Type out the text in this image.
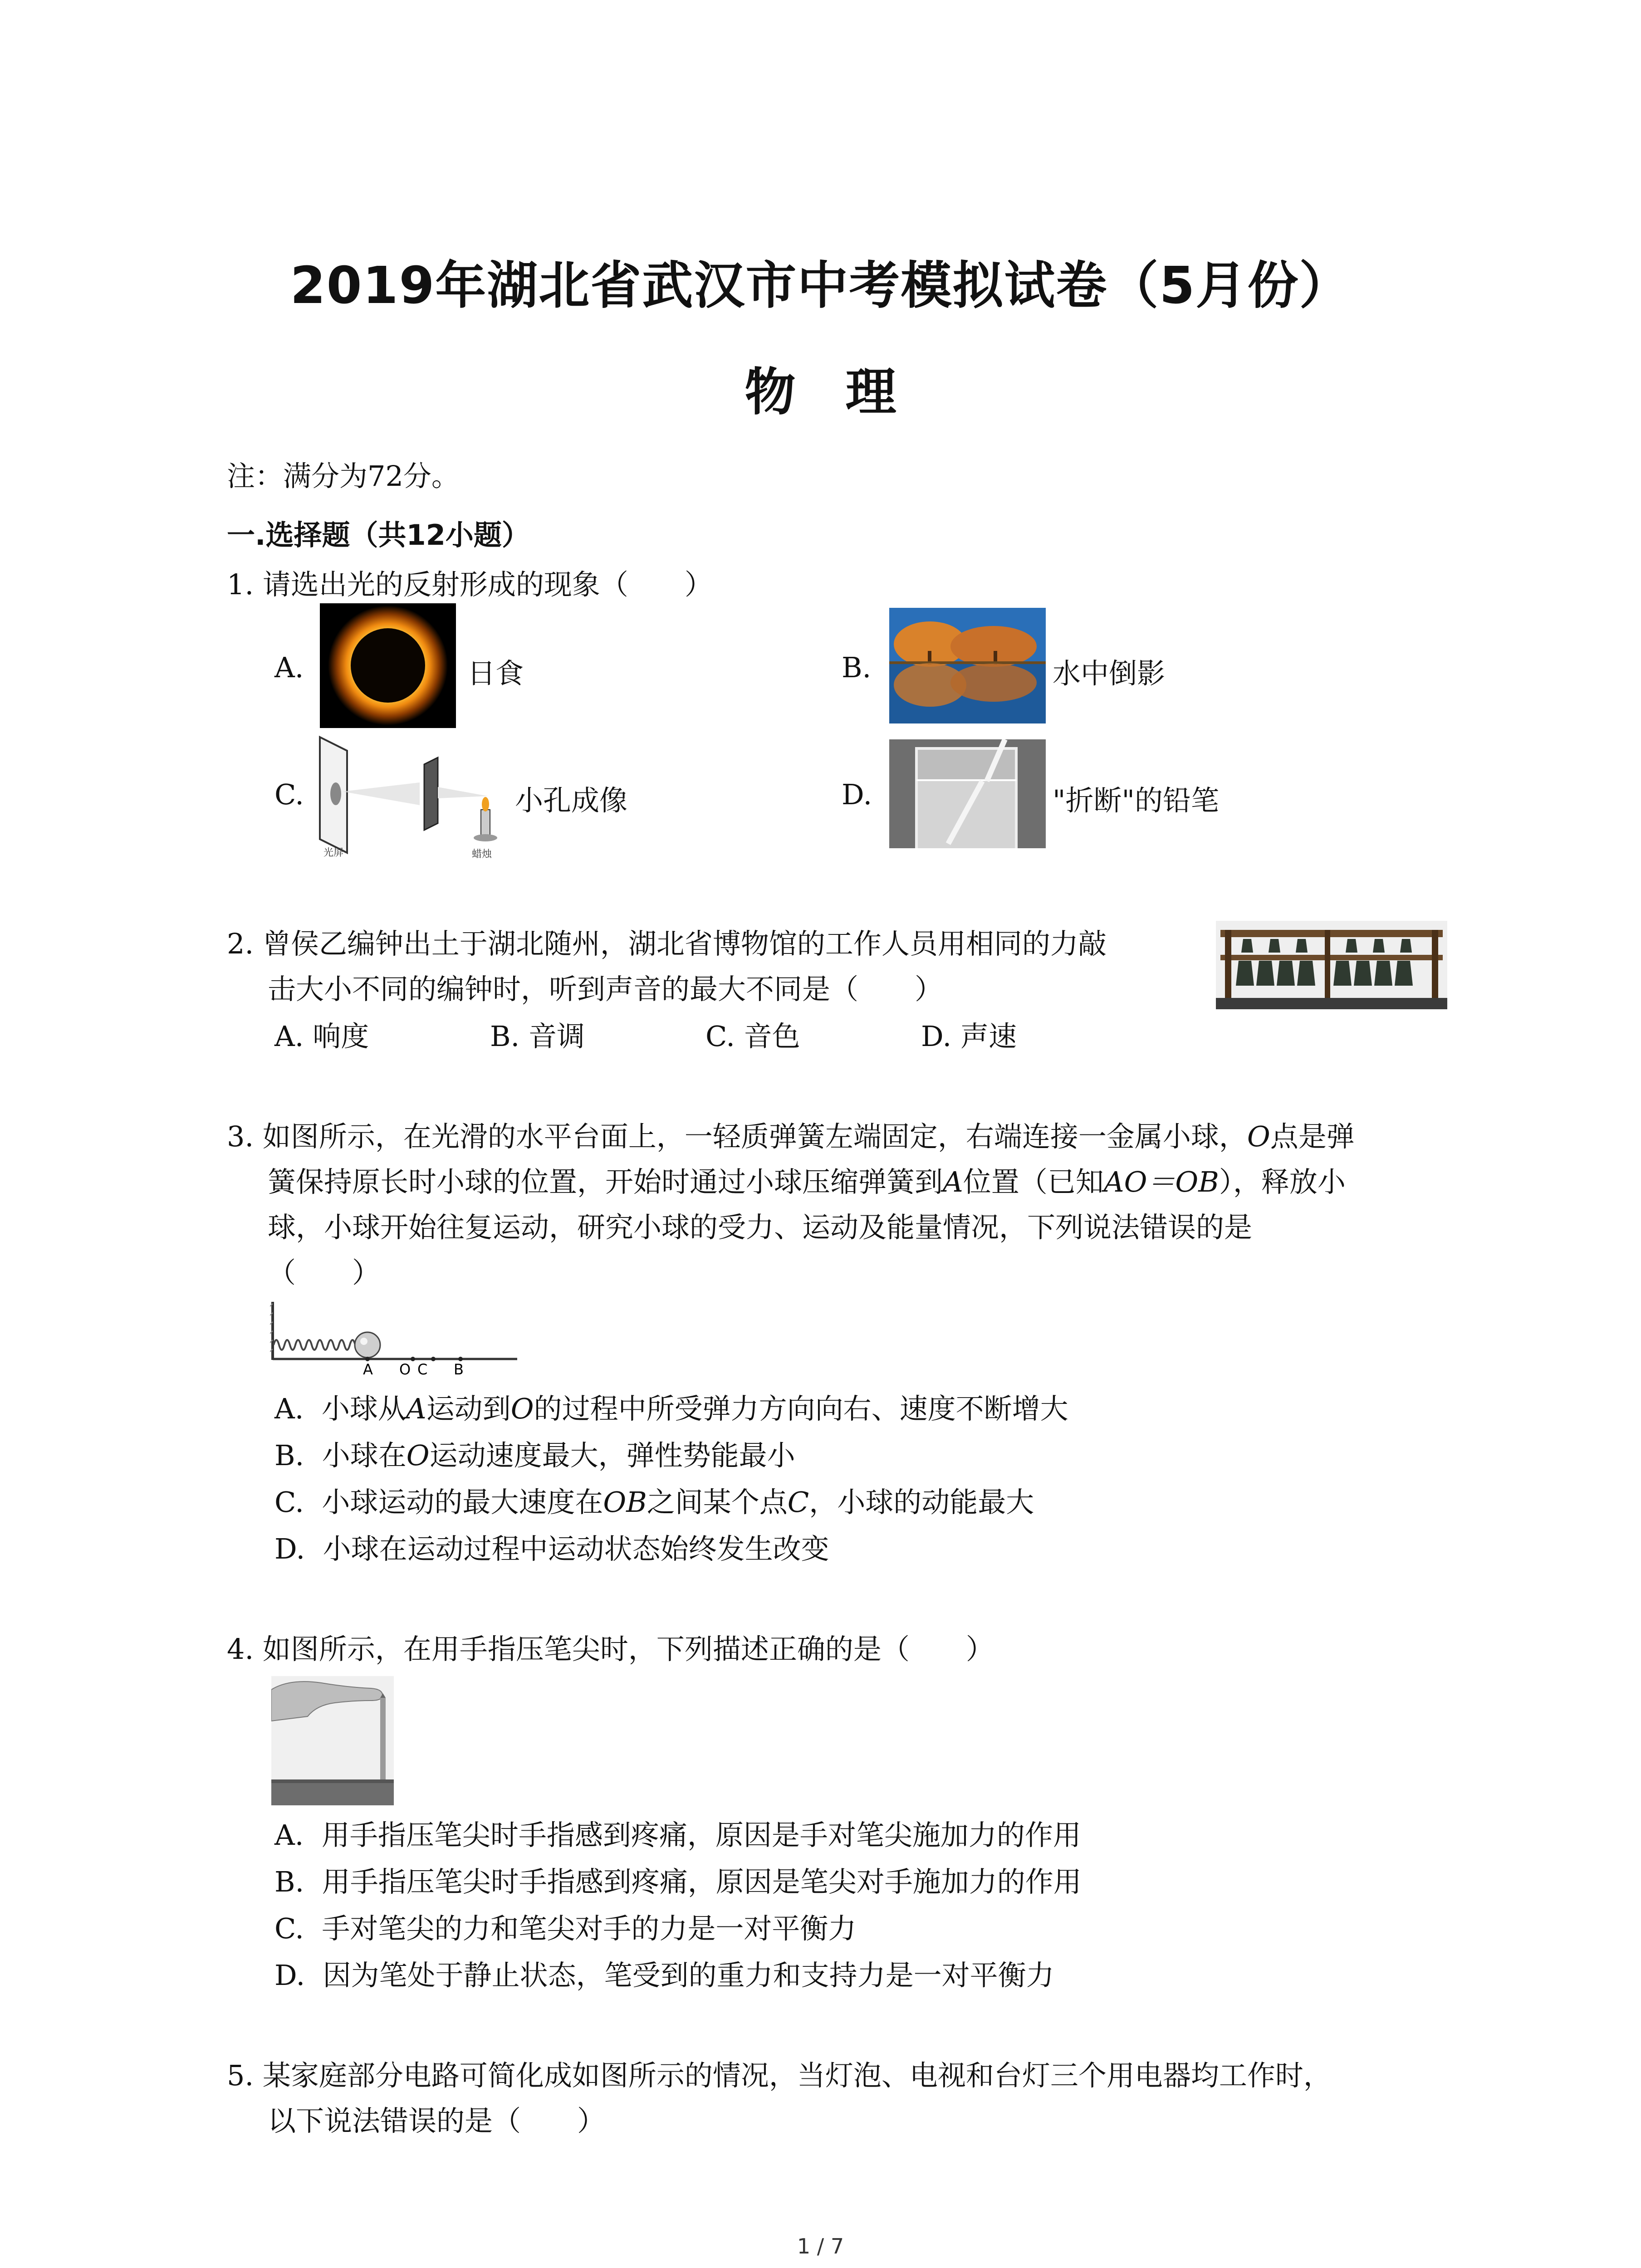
2019年湖北省武汉市中考模拟试卷（5月份）
物理
注：满分为72分。
一.选择题（共12小题）
1. 请选出光的反射形成的现象（　　）
A.	日食	B.	水中倒影
C.
光屏	蜡烛
小孔成像	D.	"折断"的铅笔
2. 曾侯乙编钟出土于湖北随州，湖北省博物馆的工作人员用相同的力敲
击大小不同的编钟时，听到声音的最大不同是（　　）
A. 响度	B. 音调	C. 音色	D. 声速
3. 如图所示，在光滑的水平台面上，一轻质弹簧左端固定，右端连接一金属小球，O点是弹
簧保持原长时小球的位置，开始时通过小球压缩弹簧到A位置（已知AO＝OB），释放小
球，小球开始往复运动，研究小球的受力、运动及能量情况，下列说法错误的是
（　　）
A O C B
A. 小球从A运动到O的过程中所受弹力方向向右、速度不断增大
B. 小球在O运动速度最大，弹性势能最小
C. 小球运动的最大速度在OB之间某个点C，小球的动能最大
D. 小球在运动过程中运动状态始终发生改变
4. 如图所示，在用手指压笔尖时，下列描述正确的是（　　）
A. 用手指压笔尖时手指感到疼痛，原因是手对笔尖施加力的作用
B. 用手指压笔尖时手指感到疼痛，原因是笔尖对手施加力的作用
C. 手对笔尖的力和笔尖对手的力是一对平衡力
D. 因为笔处于静止状态，笔受到的重力和支持力是一对平衡力
5. 某家庭部分电路可简化成如图所示的情况，当灯泡、电视和台灯三个用电器均工作时，
以下说法错误的是（　　）
1 / 7
